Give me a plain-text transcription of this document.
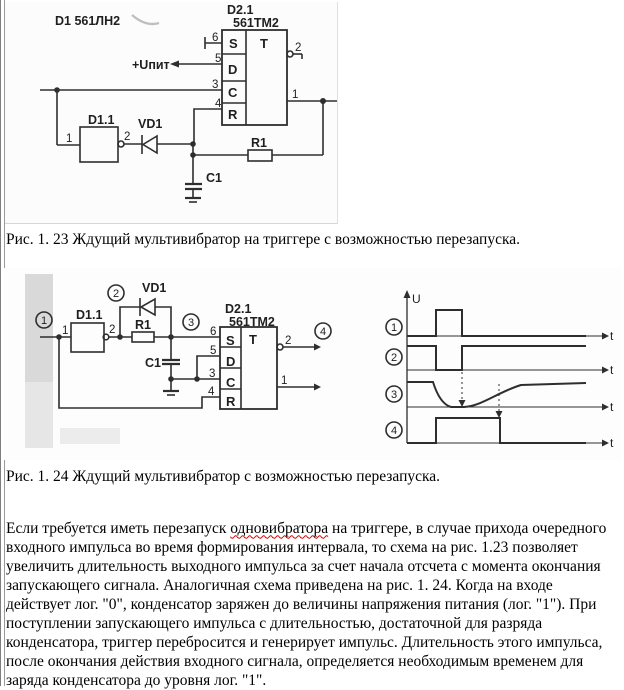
D1 561ЛН2
D2.1
561ТМ2
T
S
D
C
R
6
5
3
4
2
1
+Uпит
D1.1
1	2
VD1
R1
C1
Рис. 1. 23 Ждущий мультивибратор на триггере с возможностью перезапуска.
1
2
3
4
D1.1
1	2
VD1
R1
C1
D2.1
561ТМ2
T
S
D
C
R
6
5
3
4
2
1
U
t
t
t
t
1
2
3
4
Рис. 1. 24 Ждущий мультивибратор с возможностью перезапуска.

Если требуется иметь перезапуск одновибратора на триггере, в случае прихода очередного входного импульса во время формирования интервала, то схема на рис. 1.23 позволяет увеличить длительность выходного импульса за счет начала отсчета с момента окончания запускающего сигнала. Аналогичная схема приведена на рис. 1. 24. Когда на входе действует лог. "0", конденсатор заряжен до величины напряжения питания (лог. "1"). При поступлении запускающего импульса с длительностью, достаточной для разряда конденсатора, триггер перебросится и генерирует импульс. Длительность этого импульса, после окончания действия входного сигнала, определяется необходимым временем для заряда конденсатора до уровня лог. "1".
